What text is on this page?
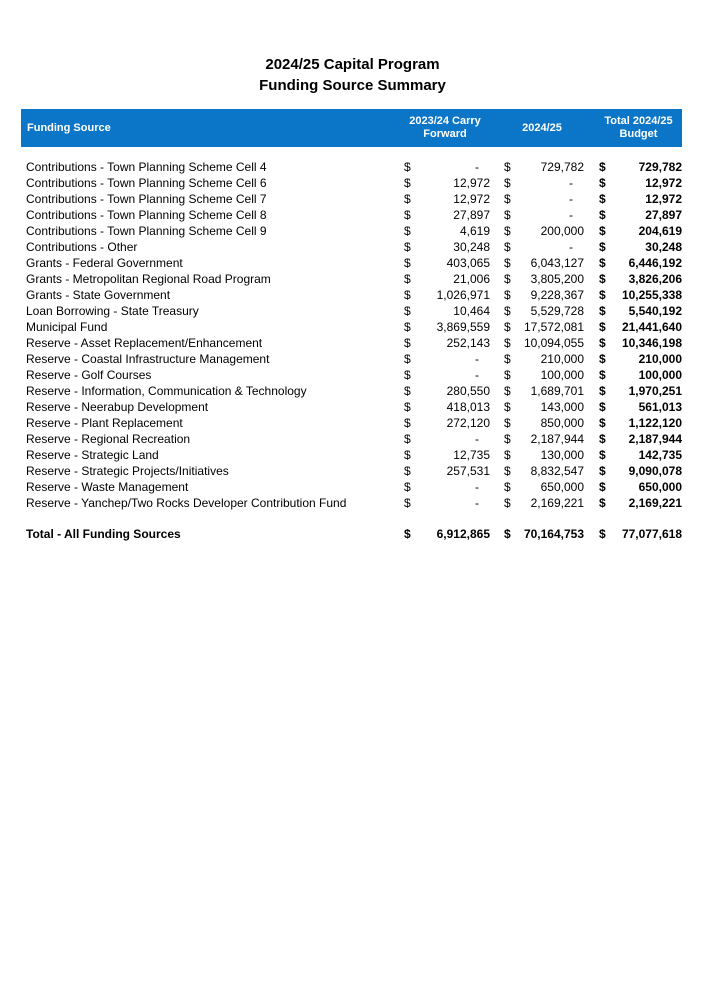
2024/25 Capital Program
Funding Source Summary
Funding Source
2023/24 Carry Forward
2024/25
Total 2024/25 Budget
Contributions - Town Planning Scheme Cell 4	$	-	$ 729,782 $	729,782
Contributions - Town Planning Scheme Cell 6	$	12,972 $	-	$	12,972
Contributions - Town Planning Scheme Cell 7	$	12,972 $	-	$	12,972
Contributions - Town Planning Scheme Cell 8	$	27,897 $	-	$	27,897
Contributions - Town Planning Scheme Cell 9	$	4,619 $ 200,000 $	204,619
Contributions - Other	$	30,248 $	-	$	30,248
Grants - Federal Government	$	403,065 $ 6,043,127 $ 6,446,192
Grants - Metropolitan Regional Road Program	$	21,006 $ 3,805,200 $ 3,826,206
Grants - State Government	$ 1,026,971 $ 9,228,367 $ 10,255,338
Loan Borrowing - State Treasury	$	10,464 $ 5,529,728 $ 5,540,192
Municipal Fund	$ 3,869,559 $ 17,572,081 $ 21,441,640
Reserve - Asset Replacement/Enhancement	$	252,143 $ 10,094,055 $ 10,346,198
Reserve - Coastal Infrastructure Management	$	-	$ 210,000 $	210,000
Reserve - Golf Courses	$	-	$ 100,000 $	100,000
Reserve - Information, Communication & Technology	$	280,550 $ 1,689,701 $ 1,970,251
Reserve - Neerabup Development	$	418,013 $ 143,000 $	561,013
Reserve - Plant Replacement	$	272,120 $ 850,000 $ 1,122,120
Reserve - Regional Recreation	$	-	$ 2,187,944 $ 2,187,944
Reserve - Strategic Land	$	12,735 $ 130,000 $	142,735
Reserve - Strategic Projects/Initiatives	$	257,531 $ 8,832,547 $ 9,090,078
Reserve - Waste Management	$	-	$ 650,000 $	650,000
Reserve - Yanchep/Two Rocks Developer Contribution Fund	$	-	$ 2,169,221 $ 2,169,221
Total - All Funding Sources	$ 6,912,865 $ 70,164,753 $ 77,077,618
